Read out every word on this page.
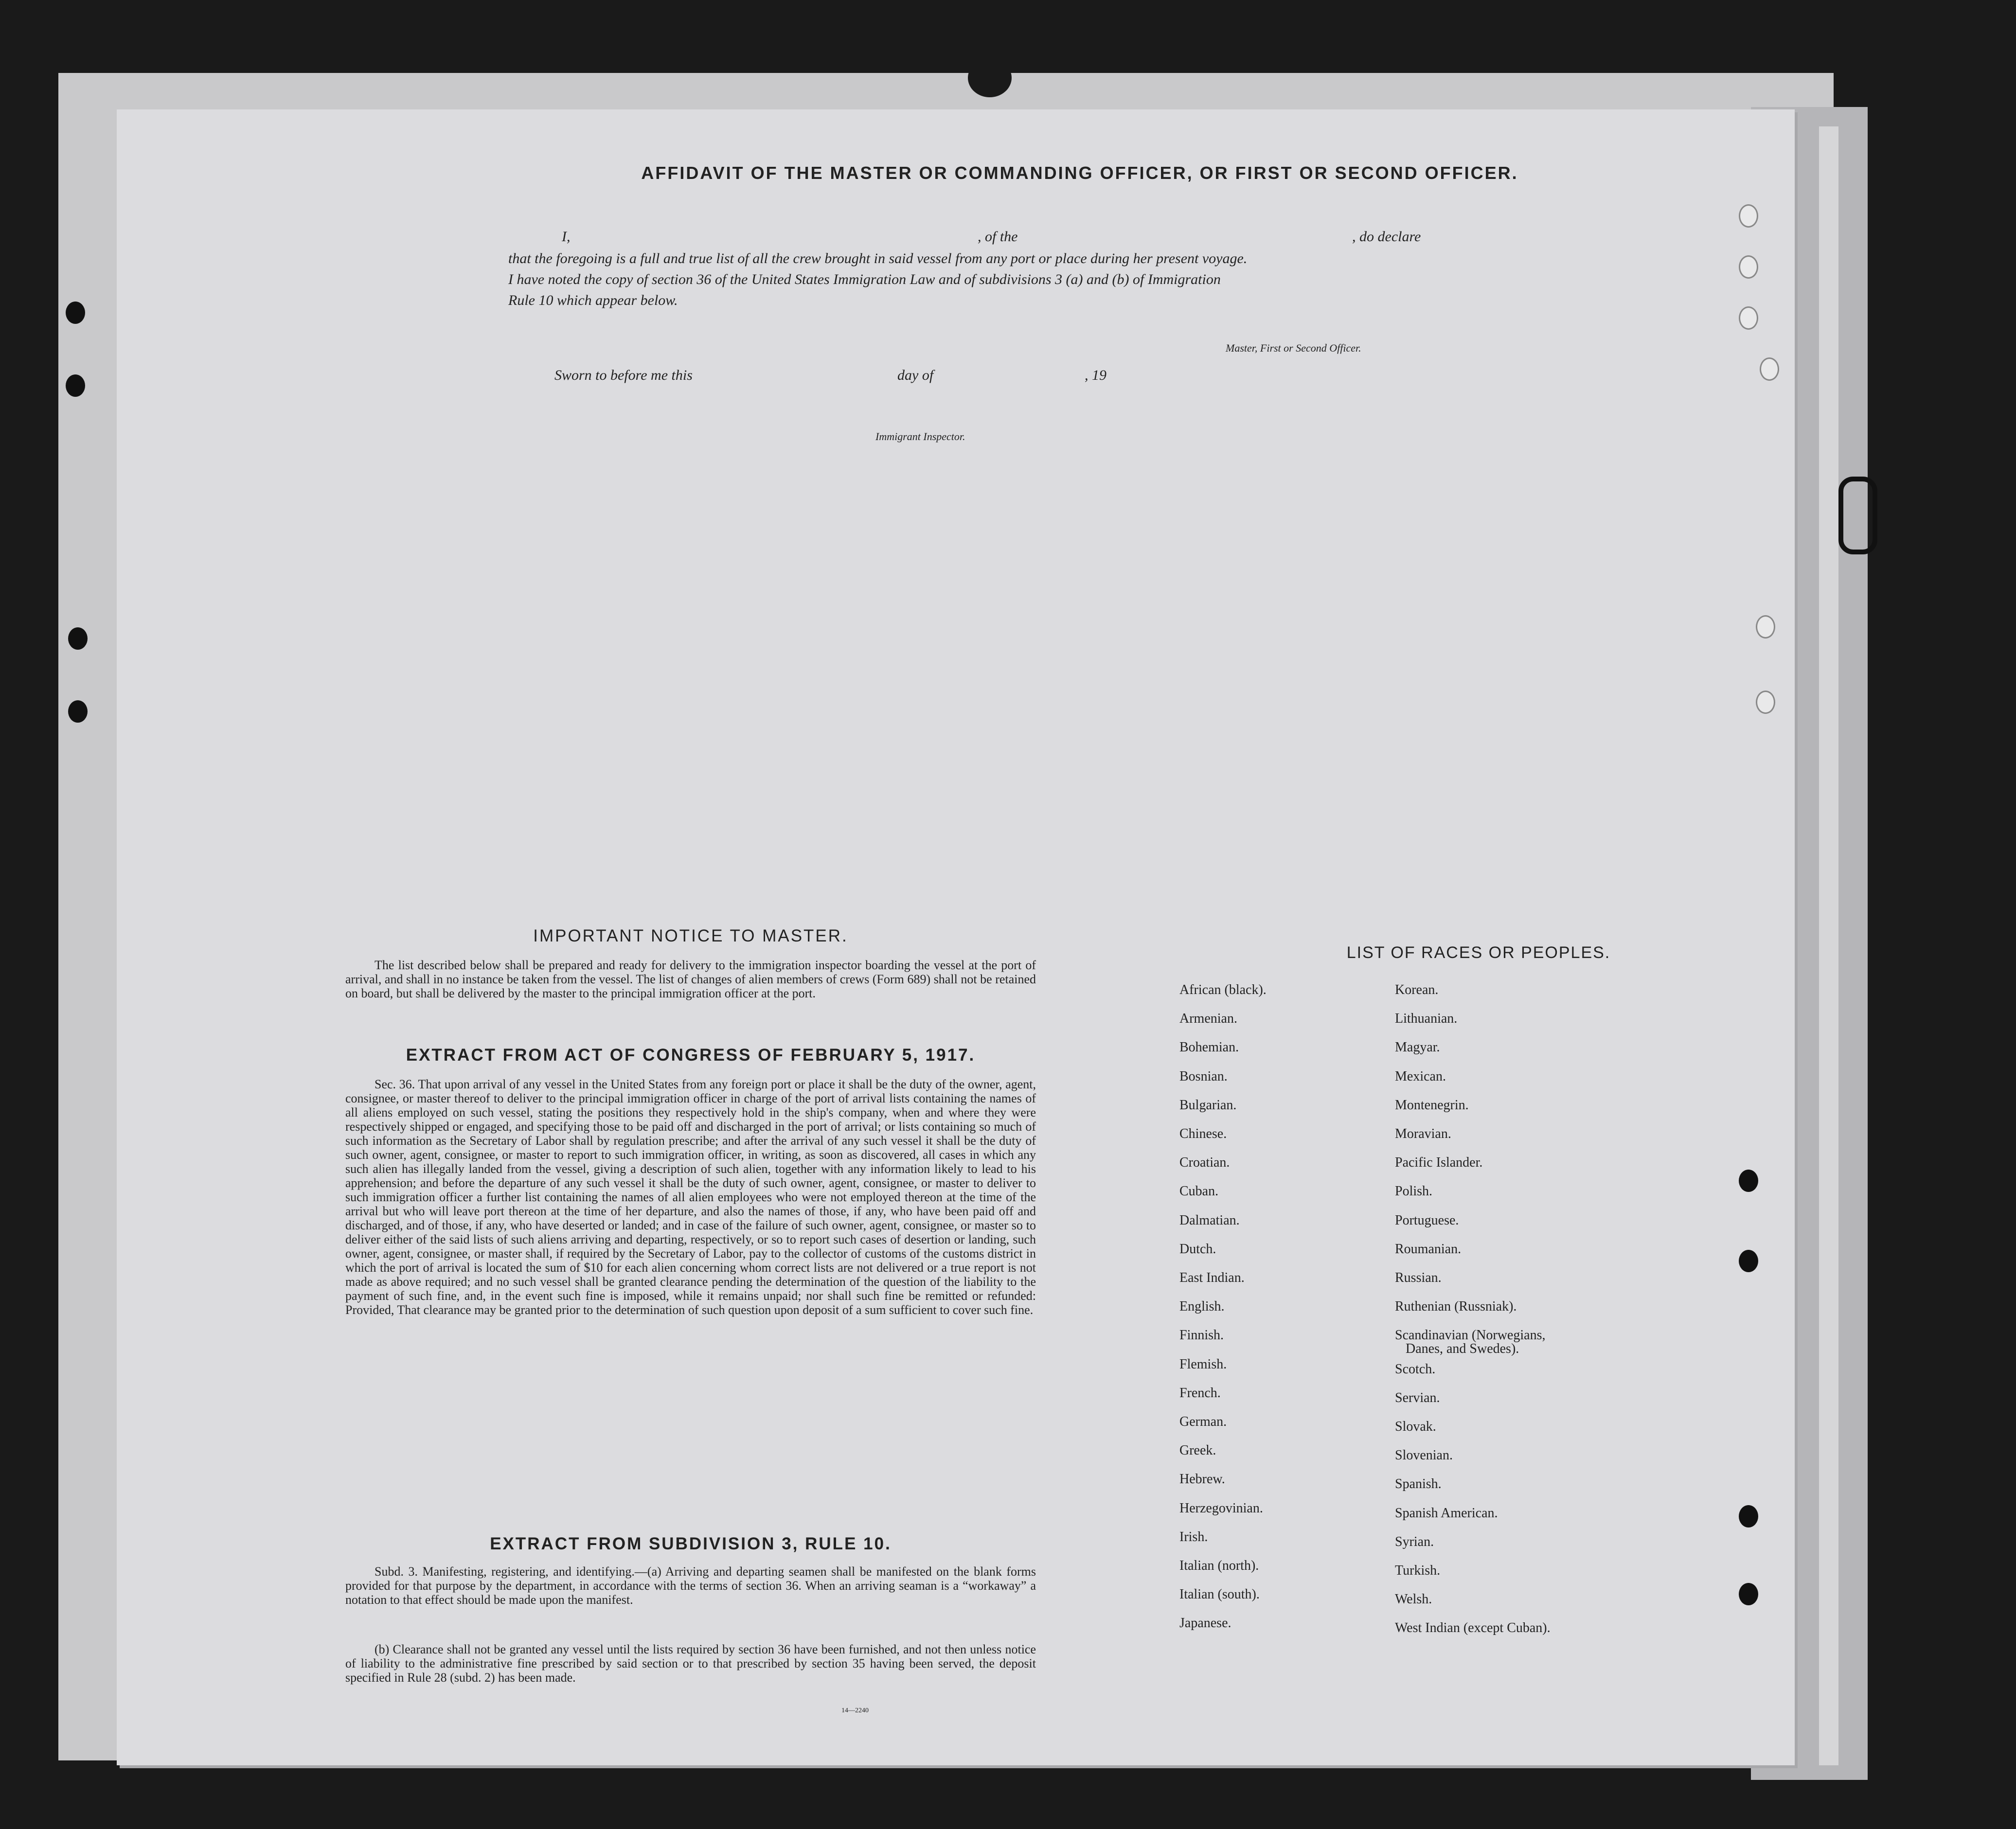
AFFIDAVIT OF THE MASTER OR COMMANDING OFFICER, OR FIRST OR SECOND OFFICER.
I,	, of the	, do declare
that the foregoing is a full and true list of all the crew brought in said vessel from any port or place during her present voyage.
I have noted the copy of section 36 of the United States Immigration Law and of subdivisions 3 (a) and (b) of Immigration
Rule 10 which appear below.
Master, First or Second Officer.
Sworn to before me this	day of	, 19
Immigrant Inspector.
IMPORTANT NOTICE TO MASTER.

The list described below shall be prepared and ready for delivery to the immigration inspector boarding the vessel at the port of arrival, and shall in no instance be taken from the vessel. The list of changes of alien members of crews (Form 689) shall not be retained on board, but shall be delivered by the master to the principal immigration officer at the port.

EXTRACT FROM ACT OF CONGRESS OF FEBRUARY 5, 1917.

Sec. 36. That upon arrival of any vessel in the United States from any foreign port or place it shall be the duty of the owner, agent, consignee, or master thereof to deliver to the principal immigration officer in charge of the port of arrival lists containing the names of all aliens employed on such vessel, stating the positions they respectively hold in the ship's company, when and where they were respectively shipped or engaged, and specifying those to be paid off and discharged in the port of arrival; or lists containing so much of such information as the Secretary of Labor shall by regulation prescribe; and after the arrival of any such vessel it shall be the duty of such owner, agent, consignee, or master to report to such immigration officer, in writing, as soon as discovered, all cases in which any such alien has illegally landed from the vessel, giving a description of such alien, together with any information likely to lead to his apprehension; and before the departure of any such vessel it shall be the duty of such owner, agent, consignee, or master to deliver to such immigration officer a further list containing the names of all alien employees who were not employed thereon at the time of the arrival but who will leave port thereon at the time of her departure, and also the names of those, if any, who have been paid off and discharged, and of those, if any, who have deserted or landed; and in case of the failure of such owner, agent, consignee, or master so to deliver either of the said lists of such aliens arriving and departing, respectively, or so to report such cases of desertion or landing, such owner, agent, consignee, or master shall, if required by the Secretary of Labor, pay to the collector of customs of the customs district in which the port of arrival is located the sum of $10 for each alien concerning whom correct lists are not delivered or a true report is not made as above required; and no such vessel shall be granted clearance pending the determination of the question of the liability to the payment of such fine, and, in the event such fine is imposed, while it remains unpaid; nor shall such fine be remitted or refunded: Provided, That clearance may be granted prior to the determination of such question upon deposit of a sum sufficient to cover such fine.

EXTRACT FROM SUBDIVISION 3, RULE 10.

Subd. 3. Manifesting, registering, and identifying.—(a) Arriving and departing seamen shall be manifested on the blank forms provided for that purpose by the department, in accordance with the terms of section 36. When an arriving seaman is a “workaway” a notation to that effect should be made upon the manifest.

(b) Clearance shall not be granted any vessel until the lists required by section 36 have been furnished, and not then unless notice of liability to the administrative fine prescribed by said section or to that prescribed by section 35 having been served, the deposit specified in Rule 28 (subd. 2) has been made.

14—2240
LIST OF RACES OR PEOPLES.
Danes, and Swedes).
African (black).
Armenian.
Bohemian.
Bosnian.
Bulgarian.
Chinese.
Croatian.
Cuban.
Dalmatian.
Dutch.
East Indian.
English.
Finnish.
Flemish.
French.
German.
Greek.
Hebrew.
Herzegovinian.
Irish.
Italian (north).
Italian (south).
Japanese.
Korean.
Lithuanian.
Magyar.
Mexican.
Montenegrin.
Moravian.
Pacific Islander.
Polish.
Portuguese.
Roumanian.
Russian.
Ruthenian (Russniak).
Scandinavian (Norwegians,
Scotch.
Servian.
Slovak.
Slovenian.
Spanish.
Spanish American.
Syrian.
Turkish.
Welsh.
West Indian (except Cuban).
